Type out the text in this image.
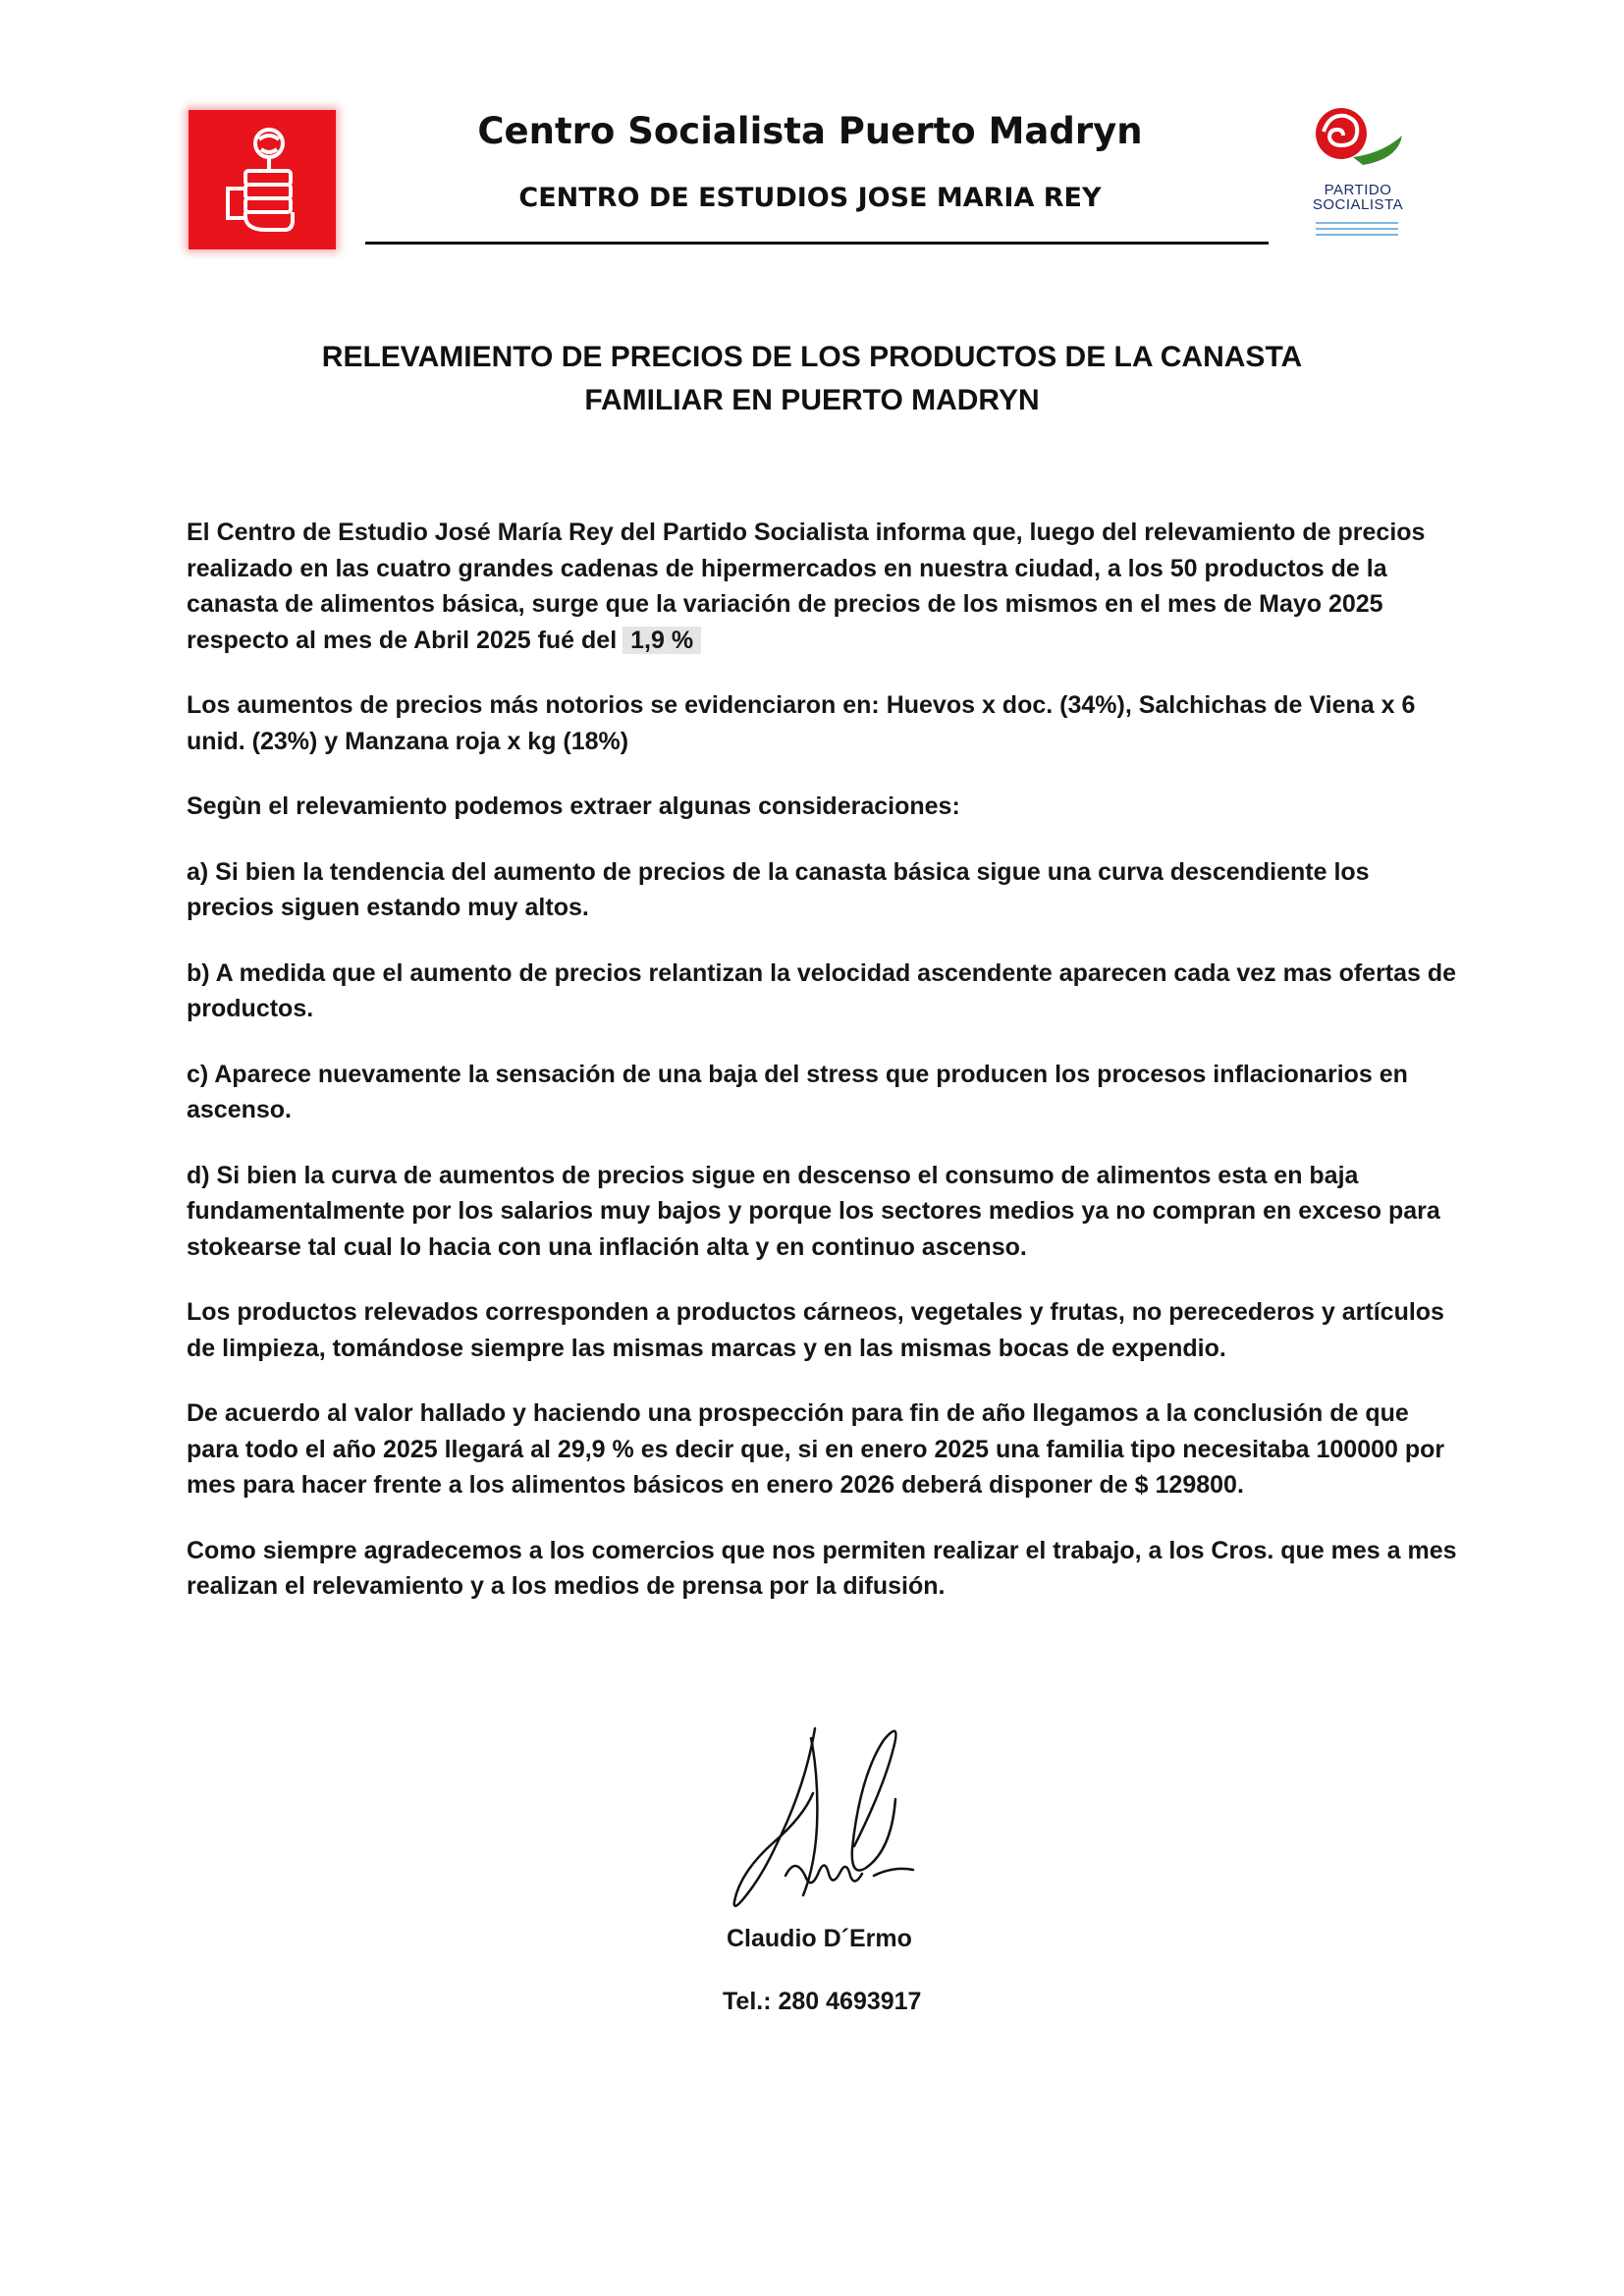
Centro Socialista Puerto Madryn
CENTRO DE ESTUDIOS JOSE MARIA REY	PARTIDO
SOCIALISTA
RELEVAMIENTO DE PRECIOS DE LOS PRODUCTOS DE LA CANASTA
FAMILIAR EN PUERTO MADRYN

El Centro de Estudio José María Rey del Partido Socialista informa que, luego del relevamiento de precios realizado en las cuatro grandes cadenas de hipermercados en nuestra ciudad, a los 50 productos de la canasta de alimentos básica, surge que la variación de precios de los mismos en el mes de Mayo 2025 respecto al mes de Abril 2025 fué del 1,9 %

Los aumentos de precios más notorios se evidenciaron en: Huevos x doc. (34%), Salchichas de Viena x 6 unid. (23%) y Manzana roja x kg (18%)

Segùn el relevamiento podemos extraer algunas consideraciones:

a) Si bien la tendencia del aumento de precios de la canasta básica sigue una curva descendiente los precios siguen estando muy altos.

b) A medida que el aumento de precios relantizan la velocidad ascendente aparecen cada vez mas ofertas de productos.

c) Aparece nuevamente la sensación de una baja del stress que producen los procesos inflacionarios en ascenso.

d) Si bien la curva de aumentos de precios sigue en descenso el consumo de alimentos esta en baja fundamentalmente por los salarios muy bajos y porque los sectores medios ya no compran en exceso para stokearse tal cual lo hacia con una inflación alta y en continuo ascenso.

Los productos relevados corresponden a productos cárneos, vegetales y frutas, no perecederos y artículos de limpieza, tomándose siempre las mismas marcas y en las mismas bocas de expendio.

De acuerdo al valor hallado y haciendo una prospección para fin de año llegamos a la conclusión de que para todo el año 2025 llegará al 29,9 % es decir que, si en enero 2025 una familia tipo necesitaba 100000 por mes para hacer frente a los alimentos básicos en enero 2026 deberá disponer de $ 129800.

Como siempre agradecemos a los comercios que nos permiten realizar el trabajo, a los Cros. que mes a mes realizan el relevamiento y a los medios de prensa por la difusión.

Claudio D´Ermo
Tel.: 280 4693917
